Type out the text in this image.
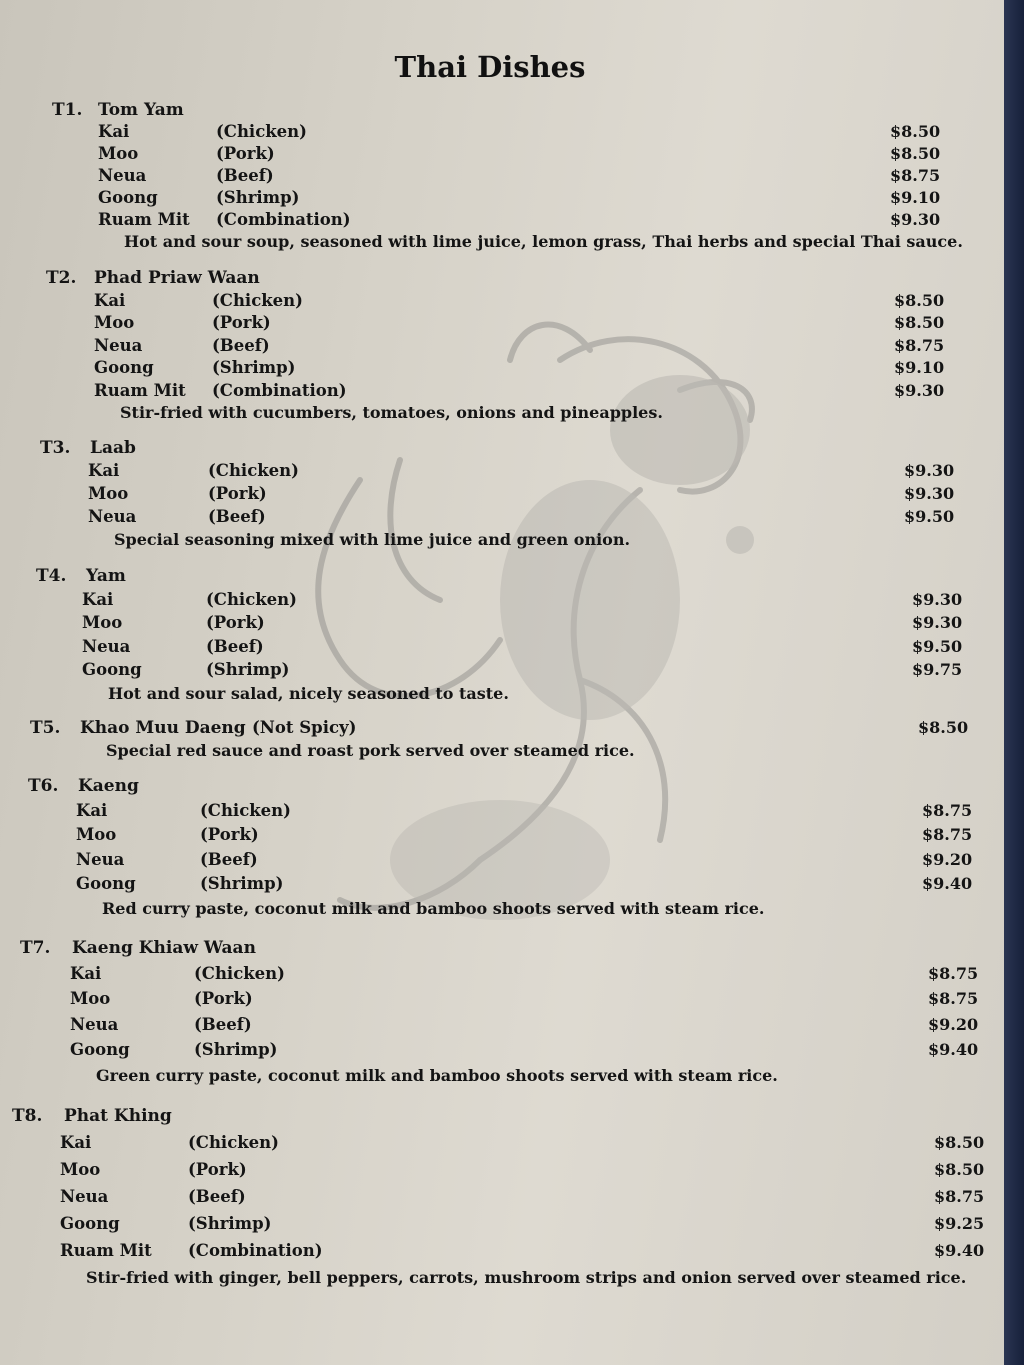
Thai Dishes
T1. Tom Yam
Kai	(Chicken)	$8.50
Moo	(Pork)	$8.50
Neua	(Beef)	$8.75
Goong	(Shrimp)	$9.10
Ruam Mit (Combination)	$9.30
Hot and sour soup, seasoned with lime juice, lemon grass, Thai herbs and special Thai sauce.
T2. Phad Priaw Waan
Kai	(Chicken)	$8.50
Moo	(Pork)	$8.50
Neua	(Beef)	$8.75
Goong	(Shrimp)	$9.10
Ruam Mit (Combination)	$9.30
Stir-fried with cucumbers, tomatoes, onions and pineapples.
T3. Laab
Kai	(Chicken)	$9.30
Moo	(Pork)	$9.30
Neua	(Beef)	$9.50
Special seasoning mixed with lime juice and green onion.
T4. Yam
Kai	(Chicken)	$9.30
Moo	(Pork)	$9.30
Neua	(Beef)	$9.50
Goong	(Shrimp)	$9.75
Hot and sour salad, nicely seasoned to taste.
T5. Khao Muu Daeng (Not Spicy)	$8.50
Special red sauce and roast pork served over steamed rice.
T6. Kaeng
Kai	(Chicken)	$8.75
Moo	(Pork)	$8.75
Neua	(Beef)	$9.20
Goong	(Shrimp)	$9.40
Red curry paste, coconut milk and bamboo shoots served with steam rice.
T7. Kaeng Khiaw Waan
Kai	(Chicken)	$8.75
Moo	(Pork)	$8.75
Neua	(Beef)	$9.20
Goong	(Shrimp)	$9.40
Green curry paste, coconut milk and bamboo shoots served with steam rice.
T8. Phat Khing
Kai	(Chicken)	$8.50
Moo	(Pork)	$8.50
Neua	(Beef)	$8.75
Goong	(Shrimp)	$9.25
Ruam Mit (Combination)	$9.40
Stir-fried with ginger, bell peppers, carrots, mushroom strips and onion served over steamed rice.
